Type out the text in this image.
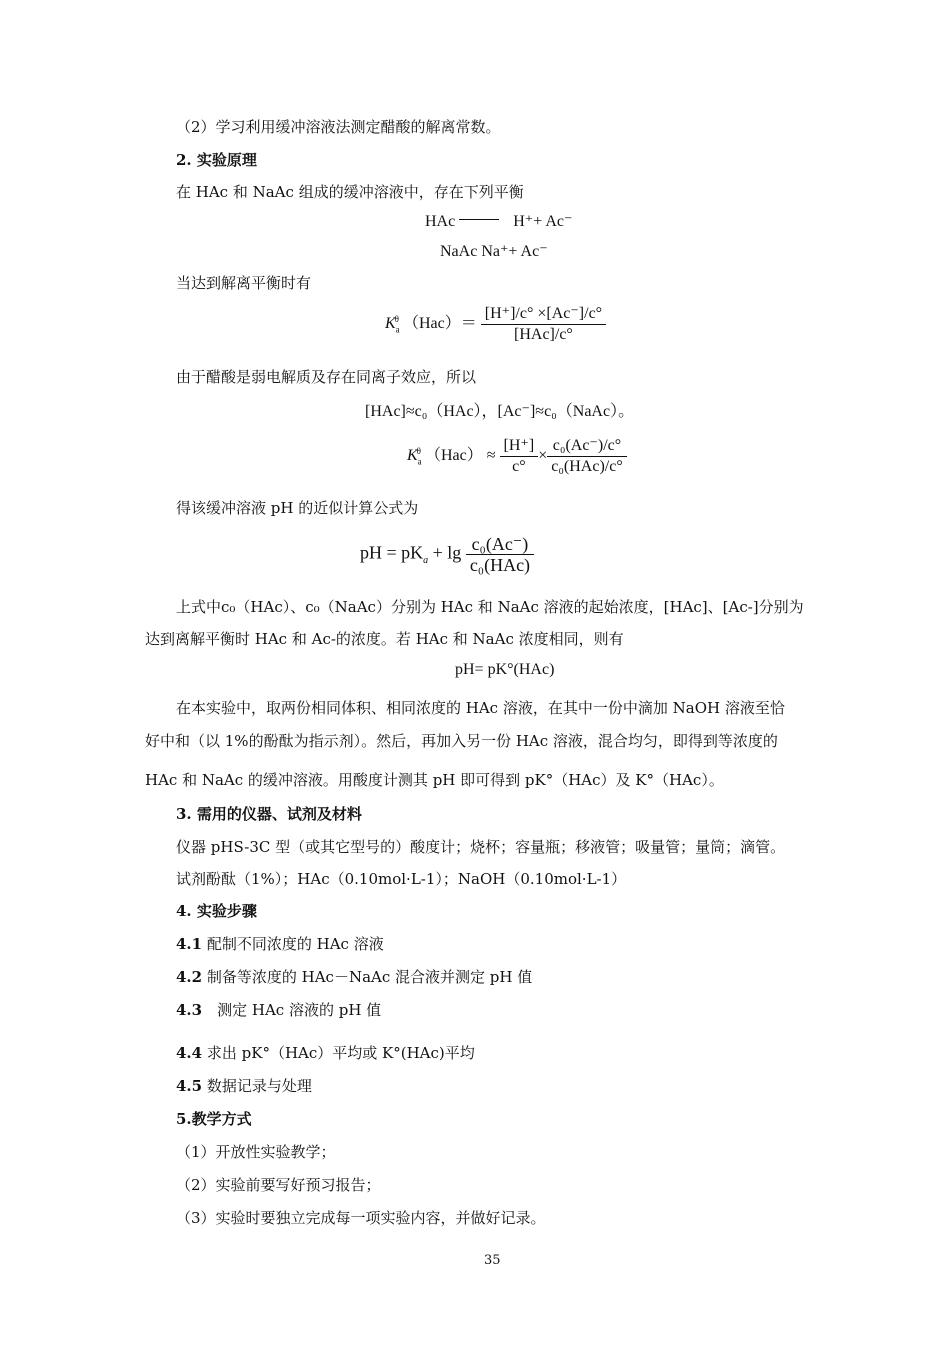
（2）学习利用缓冲溶液法测定醋酸的解离常数。
2. 实验原理
在 HAc 和 NaAc 组成的缓冲溶液中，存在下列平衡
HAc	H⁺+ Ac⁻
NaAc Na⁺+ Ac⁻
当达到解离平衡时有
$K_a^\theta$ $(Hac)= \frac{[H^+]/c^\circ \times[Ac^-]/c^\circ}{\text{[HAc]/c°}}$
由于醋酸是弱电解质及存在同离子效应，所以
[HAc]≈c₀（HAc），[Ac⁻]≈c₀（NaAc）。
$K_a^\theta$ $(Hac) \approx \frac{[H^+]}{c^\circ} \times \frac{\text{c₀(Ac⁻)/c°}}{\text{c₀(HAc)/c°}}$
得该缓冲溶液 pH 的近似计算公式为
pH = $pK_a + \lg \frac{\text{c₀(Ac⁻)}}{\text{c₀(HAc)}}$
上式中c₀（HAc）、c₀（NaAc）分别为 HAc 和 NaAc 溶液的起始浓度，[HAc]、[Ac-]分别为
达到离解平衡时 HAc 和 Ac-的浓度。若 HAc 和 NaAc 浓度相同，则有
pH= pK°(HAc)
在本实验中，取两份相同体积、相同浓度的 HAc 溶液，在其中一份中滴加 NaOH 溶液至恰
好中和（以 1%的酚酞为指示剂）。然后，再加入另一份 HAc 溶液，混合均匀，即得到等浓度的
HAc 和 NaAc 的缓冲溶液。用酸度计测其 pH 即可得到 pK°（HAc）及 K°（HAc）。
3. 需用的仪器、试剂及材料
仪器 pHS-3C 型（或其它型号的）酸度计；烧杯；容量瓶；移液管；吸量管；量筒；滴管。
试剂酚酞（1%）；HAc（0.10mol·L-1）；NaOH（0.10mol·L-1）
4. 实验步骤
4.1 配制不同浓度的 HAc 溶液
4.2 制备等浓度的 HAc－NaAc 混合液并测定 pH 值
4.3　测定 HAc 溶液的 pH 值
4.4 求出 pK°（HAc）平均或 K°(HAc)平均
4.5 数据记录与处理
5.教学方式
（1）开放性实验教学；
（2）实验前要写好预习报告；
（3）实验时要独立完成每一项实验内容，并做好记录。
35
